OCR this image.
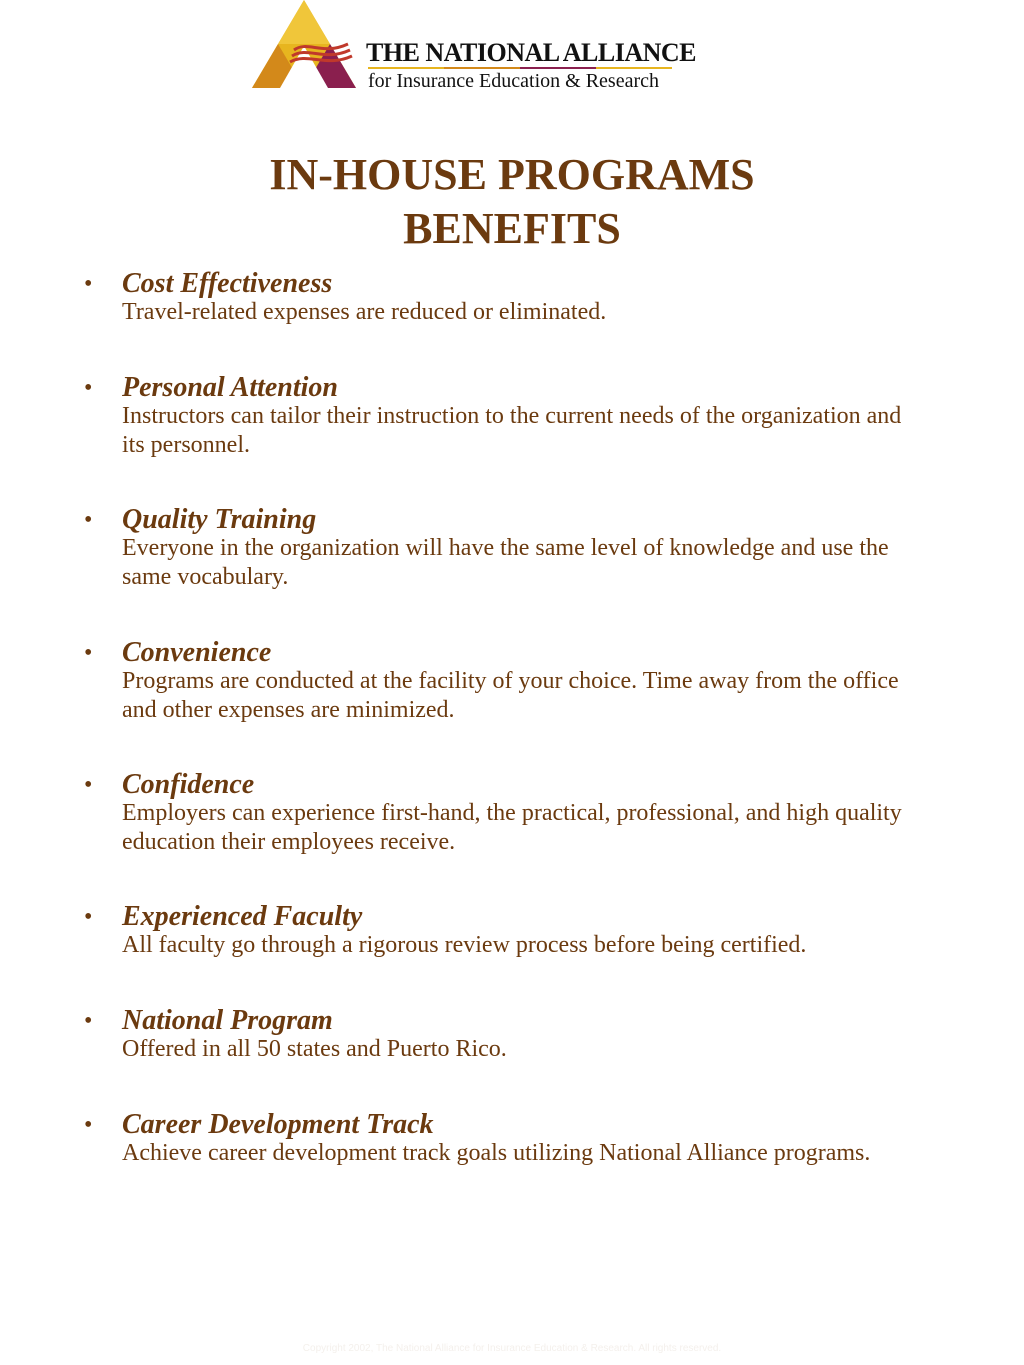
THE NATIONAL ALLIANCE
for Insurance Education & Research
IN-HOUSE PROGRAMS
BENEFITS
• Cost Effectiveness
Travel-related expenses are reduced or eliminated.
• Personal Attention
Instructors can tailor their instruction to the current needs of the organization and its personnel.
• Quality Training
Everyone in the organization will have the same level of knowledge and use the same vocabulary.
• Convenience
Programs are conducted at the facility of your choice. Time away from the office and other expenses are minimized.
• Confidence
Employers can experience first-hand, the practical, professional, and high quality education their employees receive.
• Experienced Faculty
All faculty go through a rigorous review process before being certified.
• National Program
Offered in all 50 states and Puerto Rico.
• Career Development Track
Achieve career development track goals utilizing National Alliance programs.
Copyright 2002, The National Alliance for Insurance Education & Research. All rights reserved.
